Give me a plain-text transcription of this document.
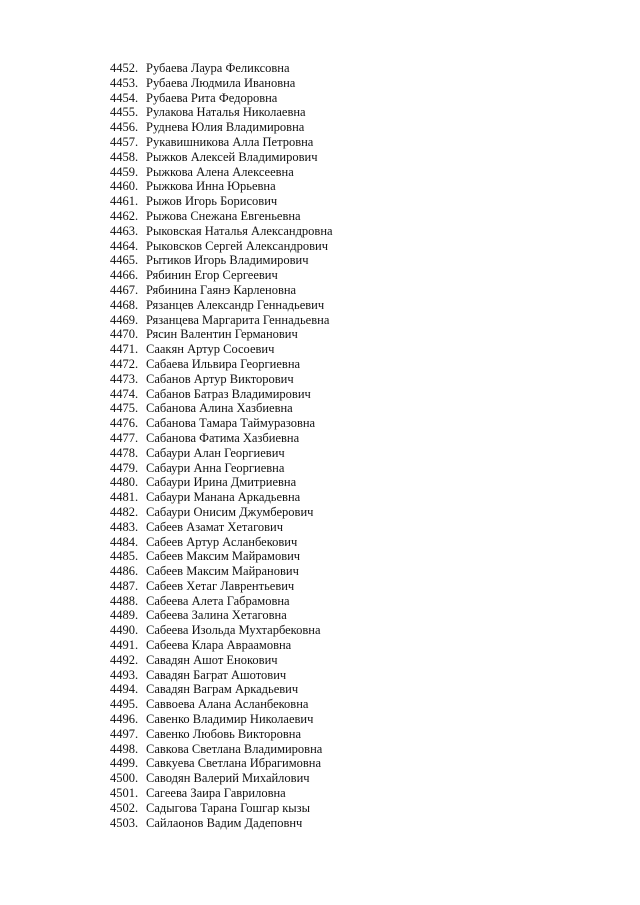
4452. Рубаева Лаура Феликсовна
4453. Рубаева Людмила Ивановна
4454. Рубаева Рита Федоровна
4455. Рулакова Наталья Николаевна
4456. Руднева Юлия Владимировна
4457. Рукавишникова Алла Петровна
4458. Рыжков Алексей Владимирович
4459. Рыжкова Алена Алексеевна
4460. Рыжкова Инна Юрьевна
4461. Рыжов Игорь Борисович
4462. Рыжова Снежана Евгеньевна
4463. Рыковская Наталья Александровна
4464. Рыковсков Сергей Александрович
4465. Рытиков Игорь Владимирович
4466. Рябинин Егор Сергеевич
4467. Рябинина Гаянэ Карленовна
4468. Рязанцев Александр Геннадьевич
4469. Рязанцева Маргарита Геннадьевна
4470. Рясин Валентин Германович
4471. Саакян Артур Сосоевич
4472. Сабаева Ильвира Георгиевна
4473. Сабанов Артур Викторович
4474. Сабанов Батраз Владимирович
4475. Сабанова Алина Хазбиевна
4476. Сабанова Тамара Таймуразовна
4477. Сабанова Фатима Хазбиевна
4478. Сабаури Алан Георгиевич
4479. Сабаури Анна Георгиевна
4480. Сабаури Ирина Дмитриевна
4481. Сабаури Манана Аркадьевна
4482. Сабаури Онисим Джумберович
4483. Сабеев Азамат Хетагович
4484. Сабеев Артур Асланбекович
4485. Сабеев Максим Майрамович
4486. Сабеев Максим Майранович
4487. Сабеев Хетаг Лаврентьевич
4488. Сабеева Алета Габрамовна
4489. Сабеева Залина Хетаговна
4490. Сабеева Изольда Мухтарбековна
4491. Сабеева Клара Авраамовна
4492. Савадян Ашот Енокович
4493. Савадян Баграт Ашотович
4494. Савадян Ваграм Аркадьевич
4495. Саввоева Алана Асланбековна
4496. Савенко Владимир Николаевич
4497. Савенко Любовь Викторовна
4498. Савкова Светлана Владимировна
4499. Савкуева Светлана Ибрагимовна
4500. Саводян Валерий Михайлович
4501. Сагеева Заира Гавриловна
4502. Садыгова Тарана Гошгар кызы
4503. Сайлаонов Вадим Дадеповнч
